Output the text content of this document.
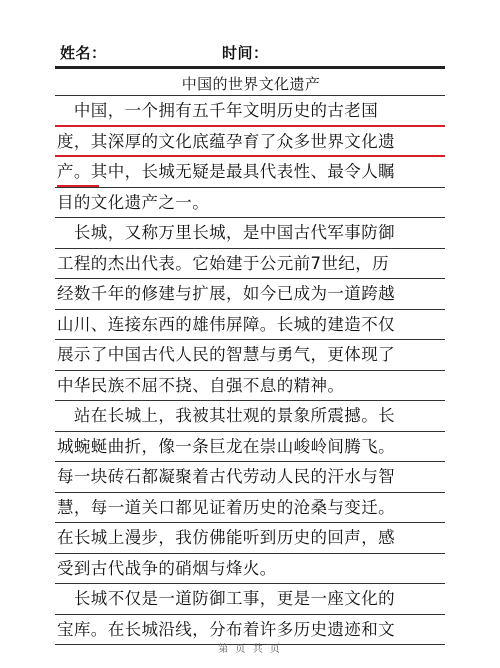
姓名：	时间：
中国的世界文化遗产
　中国，一个拥有五千年文明历史的古老国
度，其深厚的文化底蕴孕育了众多世界文化遗
产。其中，长城无疑是最具代表性、最令人瞩
目的文化遗产之一。
　长城，又称万里长城，是中国古代军事防御
工程的杰出代表。它始建于公元前7世纪，历
经数千年的修建与扩展，如今已成为一道跨越
山川、连接东西的雄伟屏障。长城的建造不仅
展示了中国古代人民的智慧与勇气，更体现了
中华民族不屈不挠、自强不息的精神。
　站在长城上，我被其壮观的景象所震撼。长
城蜿蜒曲折，像一条巨龙在崇山峻岭间腾飞。
每一块砖石都凝聚着古代劳动人民的汗水与智
慧，每一道关口都见证着历史的沧桑与变迁。
在长城上漫步，我仿佛能听到历史的回声，感
受到古代战争的硝烟与烽火。
　长城不仅是一道防御工事，更是一座文化的
宝库。在长城沿线，分布着许多历史遗迹和文
第 页 共 页
